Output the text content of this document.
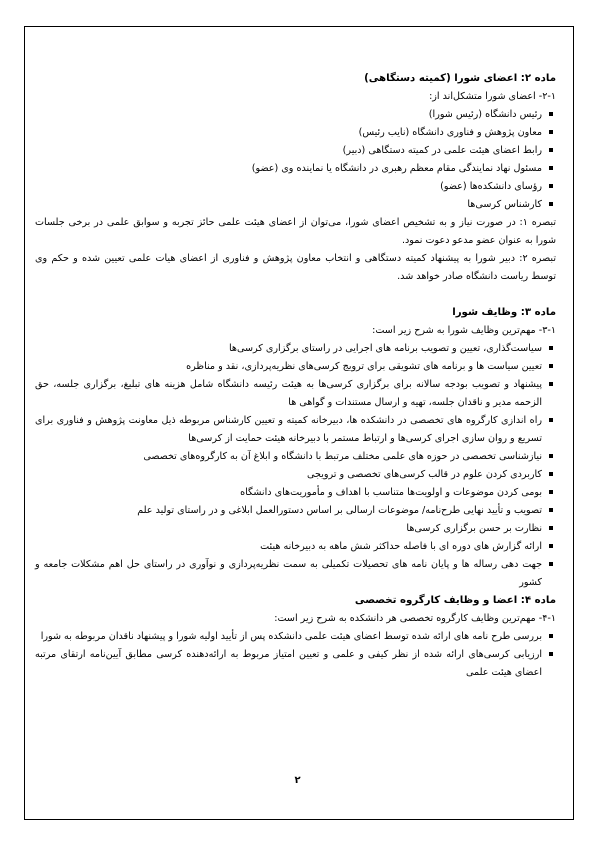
ماده ۲: اعضای شورا (کمیته دستگاهی)

۲-۱- اعضای شورا متشکل‌اند از:

رئیس دانشگاه (رئیس شورا)
معاون پژوهش و فناوری دانشگاه (نایب رئیس)
رابط اعضای هیئت علمی در کمیته دستگاهی (دبیر)
مسئول نهاد نمایندگی مقام معظم رهبری در دانشگاه یا نماینده وی (عضو)
رؤسای دانشکده‌ها (عضو)
کارشناس کرسی‌ها

تبصره ۱: در صورت نیاز و به تشخیص اعضای شورا، می‌توان از اعضای هیئت علمی حائز تجربه و سوابق علمی در برخی جلسات شورا به عنوان عضو مدعو دعوت نمود.

تبصره ۲: دبیر شورا به پیشنهاد کمیته دستگاهی و انتخاب معاون پژوهش و فناوری از اعضای هیات علمی تعیین شده و حکم وی توسط ریاست دانشگاه صادر خواهد شد.

ماده ۳: وظایف شورا

۳-۱- مهم‌ترین وظایف شورا به شرح زیر است:

سیاست‌گذاری، تعیین و تصویب برنامه های اجرایی در راستای برگزاری کرسی‌ها
تعیین سیاست ها و برنامه های تشویقی برای ترویج کرسی‌های نظریه‌پردازی، نقد و مناظره
پیشنهاد و تصویب بودجه سالانه برای برگزاری کرسی‌ها به هیئت رئیسه دانشگاه شامل هزینه های تبلیغ، برگزاری جلسه، حق الزحمه مدیر و ناقدان جلسه، تهیه و ارسال مستندات و گواهی ها
راه اندازی کارگروه های تخصصی در دانشکده ها، دبیرخانه کمیته و تعیین کارشناس مربوطه ذیل معاونت پژوهش و فناوری برای تسریع و روان سازی اجرای کرسی‌ها و ارتباط مستمر با دبیرخانه هیئت حمایت از کرسی‌ها
نیازشناسی تخصصی در حوزه های علمی مختلف مرتبط با دانشگاه و ابلاغ آن به کارگروه‌های تخصصی
کاربردی کردن علوم در قالب کرسی‌های تخصصی و ترویجی
بومی کردن موضوعات و اولویت‌ها متناسب با اهداف و مأموریت‌های دانشگاه
تصویب و تأیید نهایی طرح‌نامه/ موضوعات ارسالی بر اساس دستورالعمل ابلاغی و در راستای تولید علم
نظارت بر حسن برگزاری کرسی‌ها
ارائه گزارش های دوره ای با فاصله حداکثر شش ماهه به دبیرخانه هیئت
جهت دهی رساله ها و پایان نامه های تحصیلات تکمیلی به سمت نظریه‌پردازی و نوآوری در راستای حل اهم مشکلات جامعه و کشور

ماده ۴: اعضا و وظایف کارگروه تخصصی

۴-۱- مهم‌ترین وظایف کارگروه تخصصی هر دانشکده به شرح زیر است:

بررسی طرح نامه های ارائه شده توسط اعضای هیئت علمی دانشکده پس از تأیید اولیه شورا و پیشنهاد ناقدان مربوطه به شورا
ارزیابی کرسی‌های ارائه شده از نظر کیفی و علمی و تعیین امتیاز مربوط به ارائه‌دهنده کرسی مطابق آیین‌نامه ارتقای مرتبه اعضای هیئت علمی
۲
